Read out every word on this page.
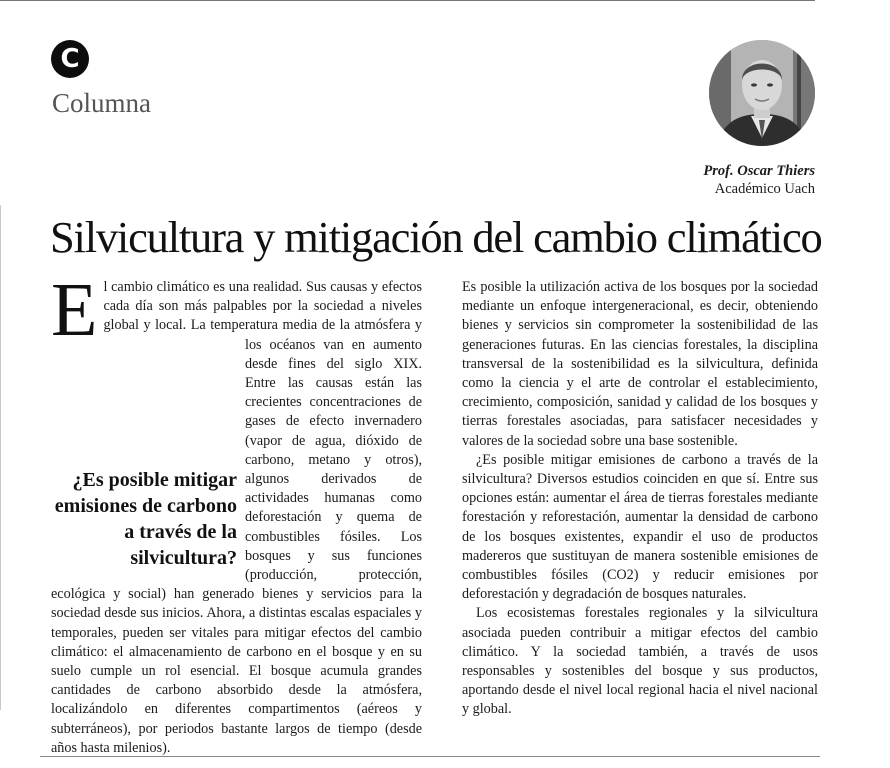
C
Columna
Prof. Oscar Thiers
Académico Uach
Silvicultura y mitigación del cambio climático
E l cambio climático es una realidad. Sus causas y efectos cada día son más palpables por la sociedad a niveles global y local. La temperatura media de la atmósfera y los océanos van en aumento desde fines del siglo XIX. Entre las causas están las crecientes concentraciones de gases de efecto invernadero (vapor de agua, dióxido de carbono, metano y otros), algunos derivados de actividades humanas como deforestación y quema de combustibles fósiles. Los bosques y sus funciones (producción, protección, ecológica y social) han generado bienes y servicios para la sociedad desde sus inicios. Ahora, a distintas escalas espaciales y temporales, pueden ser vitales para mitigar efectos del cambio climático: el almacenamiento de carbono en el bosque y en su suelo cumple un rol esencial. El bosque acumula grandes cantidades de carbono absorbido desde la atmósfera, localizándolo en diferentes compartimentos (aéreos y subterráneos), por periodos bastante largos de tiempo (desde años hasta milenios).

¿Es posible mitigar emisiones de carbono a través de la silvicultura?

Es posible la utilización activa de los bosques por la sociedad mediante un enfoque intergeneracional, es decir, obteniendo bienes y servicios sin comprometer la sostenibilidad de las generaciones futuras. En las ciencias forestales, la disciplina transversal de la sostenibilidad es la silvicultura, definida como la ciencia y el arte de controlar el establecimiento, crecimiento, composición, sanidad y calidad de los bosques y tierras forestales asociadas, para satisfacer necesidades y valores de la sociedad sobre una base sostenible.

¿Es posible mitigar emisiones de carbono a través de la silvicultura? Diversos estudios coinciden en que sí. Entre sus opciones están: aumentar el área de tierras forestales mediante forestación y reforestación, aumentar la densidad de carbono de los bosques existentes, expandir el uso de productos madereros que sustituyan de manera sostenible emisiones de combustibles fósiles (CO2) y reducir emisiones por deforestación y degradación de bosques naturales.

Los ecosistemas forestales regionales y la silvicultura asociada pueden contribuir a mitigar efectos del cambio climático. Y la sociedad también, a través de usos responsables y sostenibles del bosque y sus productos, aportando desde el nivel local regional hacia el nivel nacional y global.
